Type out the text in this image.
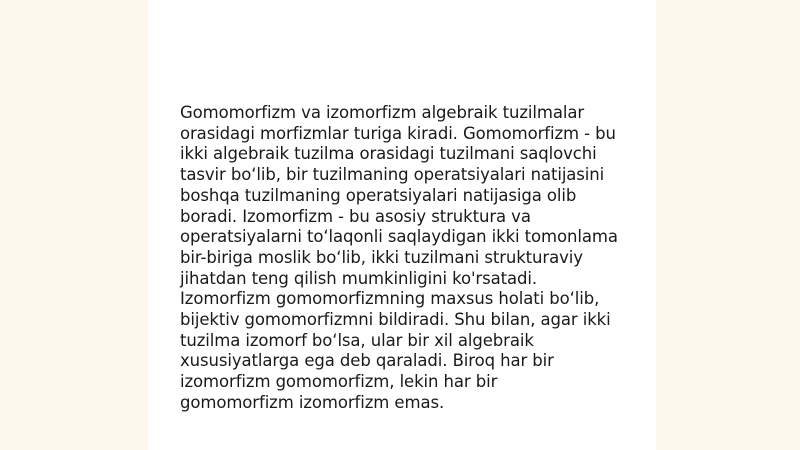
Gomomorfizm va izomorfizm algebraik tuzilmalar
orasidagi morfizmlar turiga kiradi. Gomomorfizm - bu
ikki algebraik tuzilma orasidagi tuzilmani saqlovchi
tasvir bo‘lib, bir tuzilmaning operatsiyalari natijasini
boshqa tuzilmaning operatsiyalari natijasiga olib
boradi. Izomorfizm - bu asosiy struktura va
operatsiyalarni to‘laqonli saqlaydigan ikki tomonlama
bir-biriga moslik bo‘lib, ikki tuzilmani strukturaviy
jihatdan teng qilish mumkinligini ko'rsatadi.
Izomorfizm gomomorfizmning maxsus holati bo‘lib,
bijektiv gomomorfizmni bildiradi. Shu bilan, agar ikki
tuzilma izomorf bo‘lsa, ular bir xil algebraik
xususiyatlarga ega deb qaraladi. Biroq har bir
izomorfizm gomomorfizm, lekin har bir
gomomorfizm izomorfizm emas.
